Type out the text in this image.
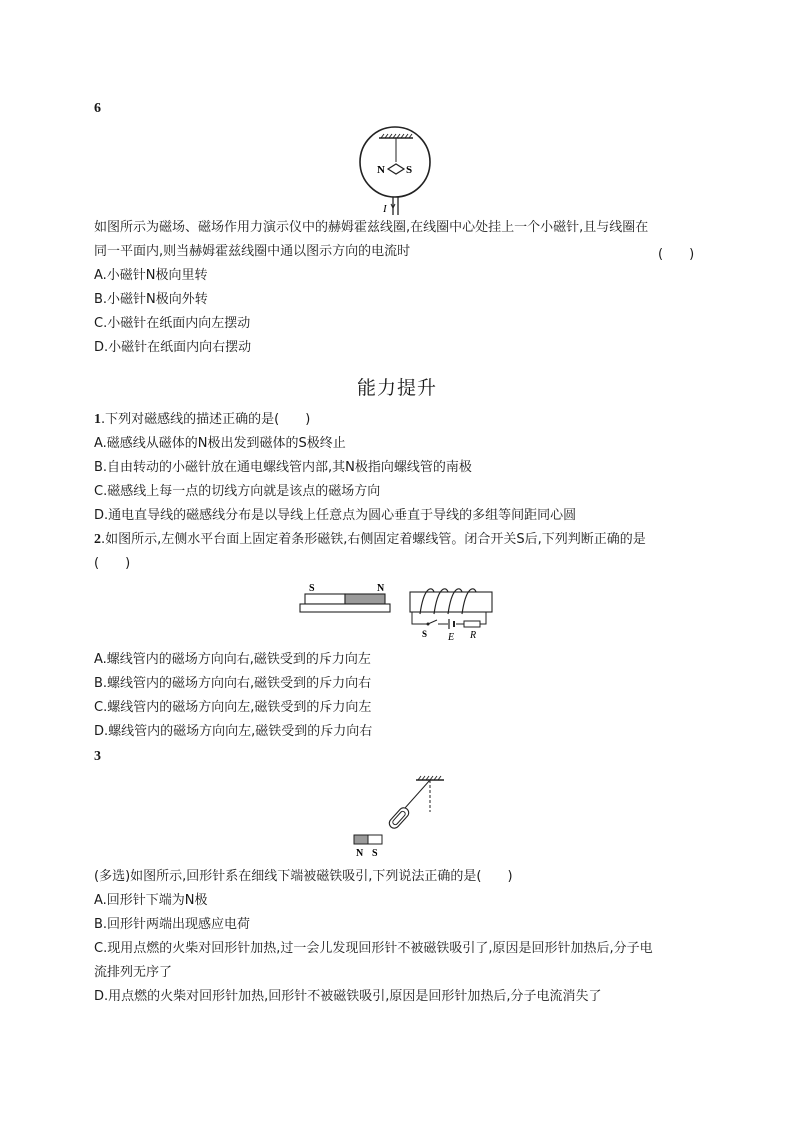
6
N S
I
如图所示为磁场、磁场作用力演示仪中的赫姆霍兹线圈,在线圈中心处挂上一个小磁针,且与线圈在
同一平面内,则当赫姆霍兹线圈中通以图示方向的电流时	(　　)
A.小磁针N极向里转
B.小磁针N极向外转
C.小磁针在纸面内向左摆动
D.小磁针在纸面内向右摆动
能力提升
1.下列对磁感线的描述正确的是(　　)
A.磁感线从磁体的N极出发到磁体的S极终止
B.自由转动的小磁针放在通电螺线管内部,其N极指向螺线管的南极
C.磁感线上每一点的切线方向就是该点的磁场方向
D.通电直导线的磁感线分布是以导线上任意点为圆心垂直于导线的多组等间距同心圆
2.如图所示,左侧水平台面上固定着条形磁铁,右侧固定着螺线管。闭合开关S后,下列判断正确的是
(　　)
S	N
S E R
A.螺线管内的磁场方向向右,磁铁受到的斥力向左
B.螺线管内的磁场方向向右,磁铁受到的斥力向右
C.螺线管内的磁场方向向左,磁铁受到的斥力向左
D.螺线管内的磁场方向向左,磁铁受到的斥力向右
3
N S
(多选)如图所示,回形针系在细线下端被磁铁吸引,下列说法正确的是(　　)
A.回形针下端为N极
B.回形针两端出现感应电荷
C.现用点燃的火柴对回形针加热,过一会儿发现回形针不被磁铁吸引了,原因是回形针加热后,分子电
流排列无序了
D.用点燃的火柴对回形针加热,回形针不被磁铁吸引,原因是回形针加热后,分子电流消失了
